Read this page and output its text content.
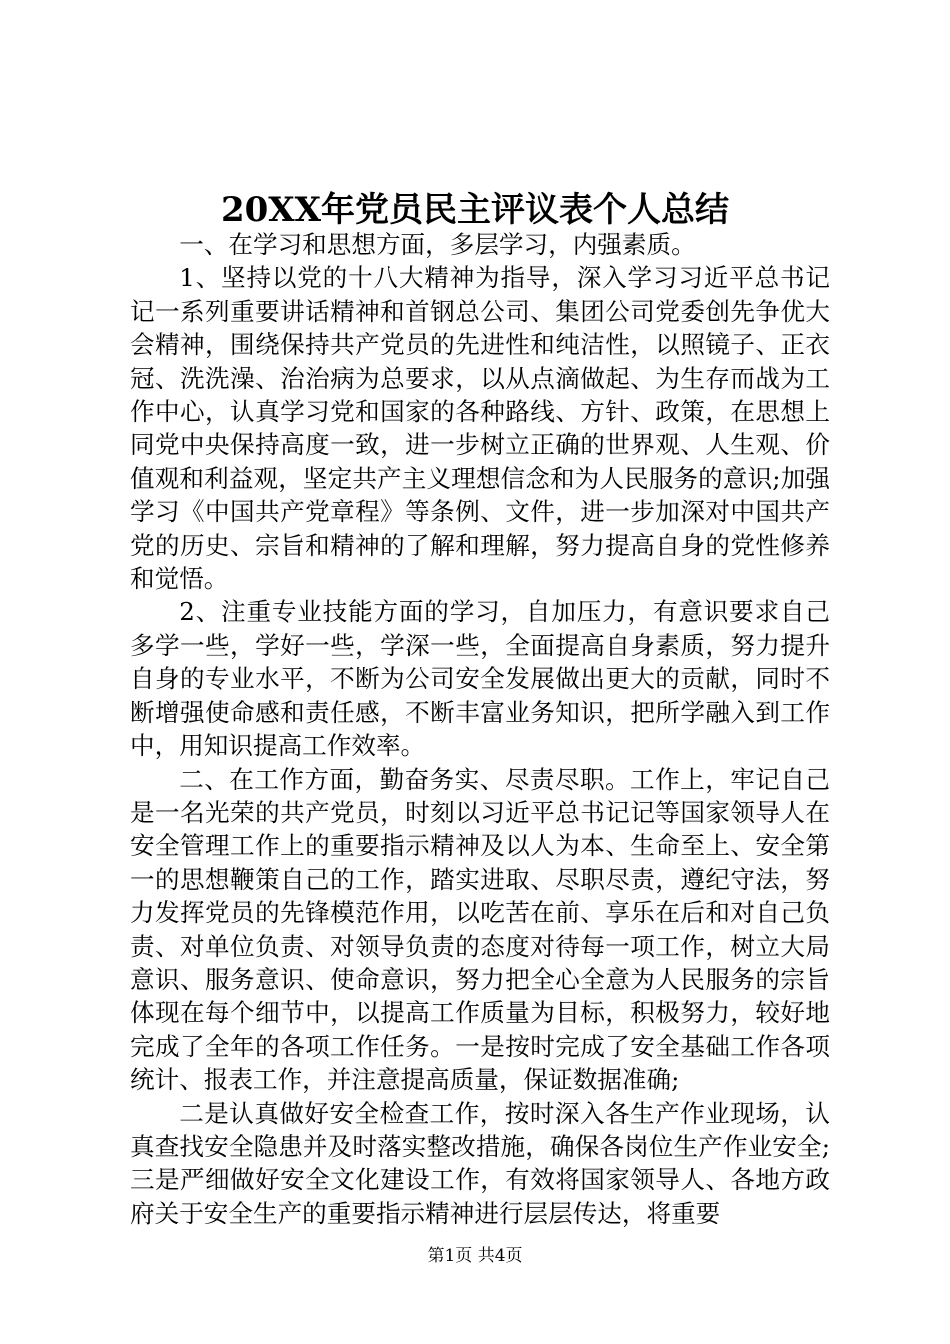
20XX年党员民主评议表个人总结

一、在学习和思想方面，多层学习，内强素质。

1、坚持以党的十八大精神为指导，深入学习习近平总书记记一系列重要讲话精神和首钢总公司、集团公司党委创先争优大会精神，围绕保持共产党员的先进性和纯洁性，以照镜子、正衣冠、洗洗澡、治治病为总要求，以从点滴做起、为生存而战为工作中心，认真学习党和国家的各种路线、方针、政策，在思想上同党中央保持高度一致，进一步树立正确的世界观、人生观、价值观和利益观，坚定共产主义理想信念和为人民服务的意识;加强学习《中国共产党章程》等条例、文件，进一步加深对中国共产党的历史、宗旨和精神的了解和理解，努力提高自身的党性修养和觉悟。

2、注重专业技能方面的学习，自加压力，有意识要求自己多学一些，学好一些，学深一些，全面提高自身素质，努力提升自身的专业水平，不断为公司安全发展做出更大的贡献，同时不断增强使命感和责任感，不断丰富业务知识，把所学融入到工作中，用知识提高工作效率。

二、在工作方面，勤奋务实、尽责尽职。工作上，牢记自己是一名光荣的共产党员，时刻以习近平总书记记等国家领导人在安全管理工作上的重要指示精神及以人为本、生命至上、安全第一的思想鞭策自己的工作，踏实进取、尽职尽责，遵纪守法，努力发挥党员的先锋模范作用，以吃苦在前、享乐在后和对自己负责、对单位负责、对领导负责的态度对待每一项工作，树立大局意识、服务意识、使命意识，努力把全心全意为人民服务的宗旨体现在每个细节中，以提高工作质量为目标，积极努力，较好地完成了全年的各项工作任务。一是按时完成了安全基础工作各项统计、报表工作，并注意提高质量，保证数据准确;

二是认真做好安全检查工作，按时深入各生产作业现场，认真查找安全隐患并及时落实整改措施，确保各岗位生产作业安全;三是严细做好安全文化建设工作，有效将国家领导人、各地方政府关于安全生产的重要指示精神进行层层传达，将重要

第1页 共4页
